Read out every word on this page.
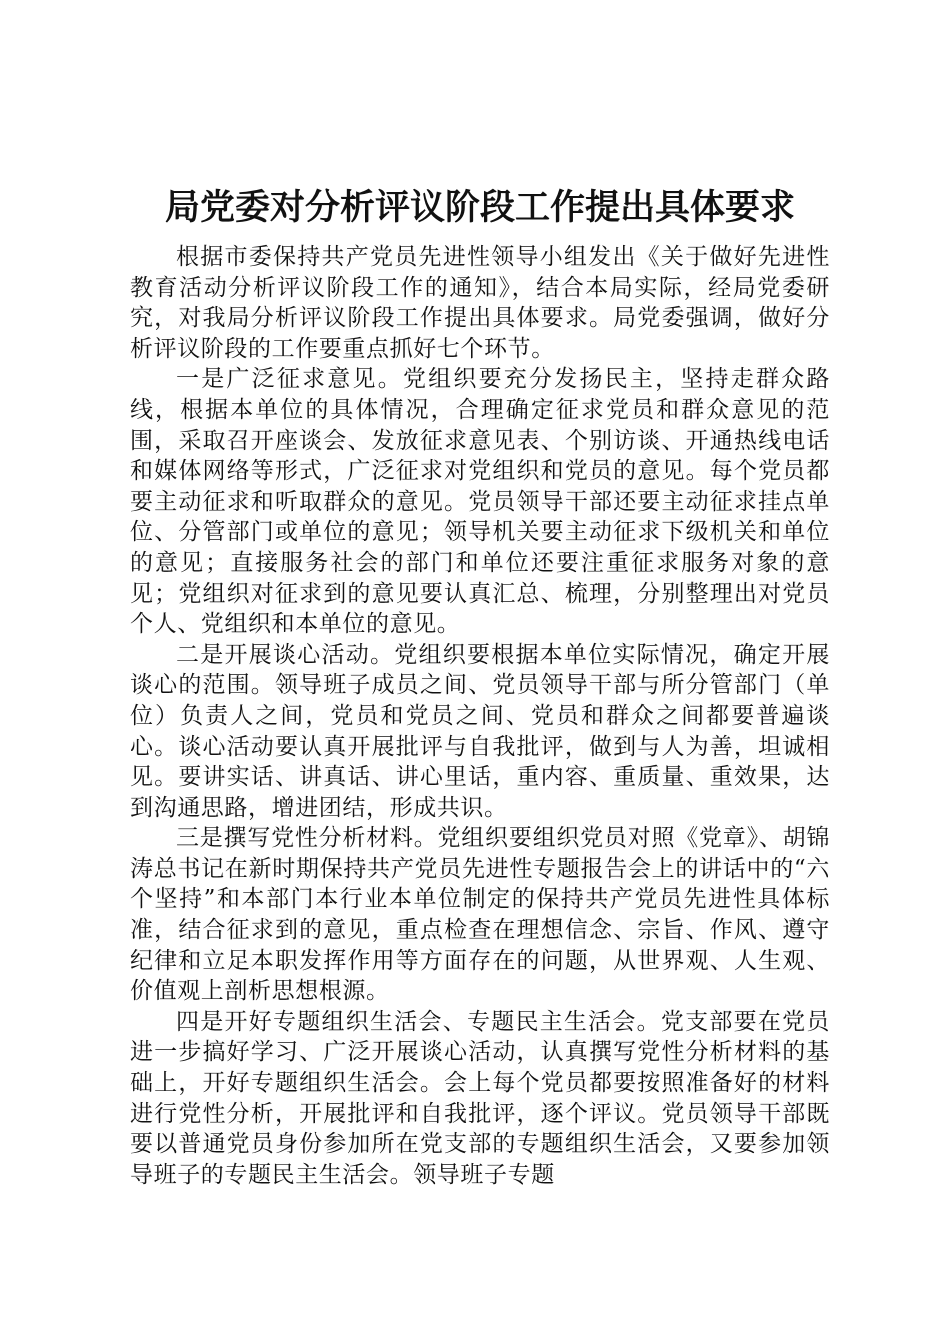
局党委对分析评议阶段工作提出具体要求

根据市委保持共产党员先进性领导小组发出《关于做好先进性教育活动分析评议阶段工作的通知》，结合本局实际，经局党委研究，对我局分析评议阶段工作提出具体要求。局党委强调，做好分析评议阶段的工作要重点抓好七个环节。

一是广泛征求意见。党组织要充分发扬民主，坚持走群众路线，根据本单位的具体情况，合理确定征求党员和群众意见的范围，采取召开座谈会、发放征求意见表、个别访谈、开通热线电话和媒体网络等形式，广泛征求对党组织和党员的意见。每个党员都要主动征求和听取群众的意见。党员领导干部还要主动征求挂点单位、分管部门或单位的意见；领导机关要主动征求下级机关和单位的意见；直接服务社会的部门和单位还要注重征求服务对象的意见；党组织对征求到的意见要认真汇总、梳理，分别整理出对党员个人、党组织和本单位的意见。

二是开展谈心活动。党组织要根据本单位实际情况，确定开展谈心的范围。领导班子成员之间、党员领导干部与所分管部门（单位）负责人之间，党员和党员之间、党员和群众之间都要普遍谈心。谈心活动要认真开展批评与自我批评，做到与人为善，坦诚相见。要讲实话、讲真话、讲心里话，重内容、重质量、重效果，达到沟通思路，增进团结，形成共识。

三是撰写党性分析材料。党组织要组织党员对照《党章》、胡锦涛总书记在新时期保持共产党员先进性专题报告会上的讲话中的“六个坚持”和本部门本行业本单位制定的保持共产党员先进性具体标准，结合征求到的意见，重点检查在理想信念、宗旨、作风、遵守纪律和立足本职发挥作用等方面存在的问题，从世界观、人生观、价值观上剖析思想根源。

四是开好专题组织生活会、专题民主生活会。党支部要在党员进一步搞好学习、广泛开展谈心活动，认真撰写党性分析材料的基础上，开好专题组织生活会。会上每个党员都要按照准备好的材料进行党性分析，开展批评和自我批评，逐个评议。党员领导干部既要以普通党员身份参加所在党支部的专题组织生活会，又要参加领导班子的专题民主生活会。领导班子专题
